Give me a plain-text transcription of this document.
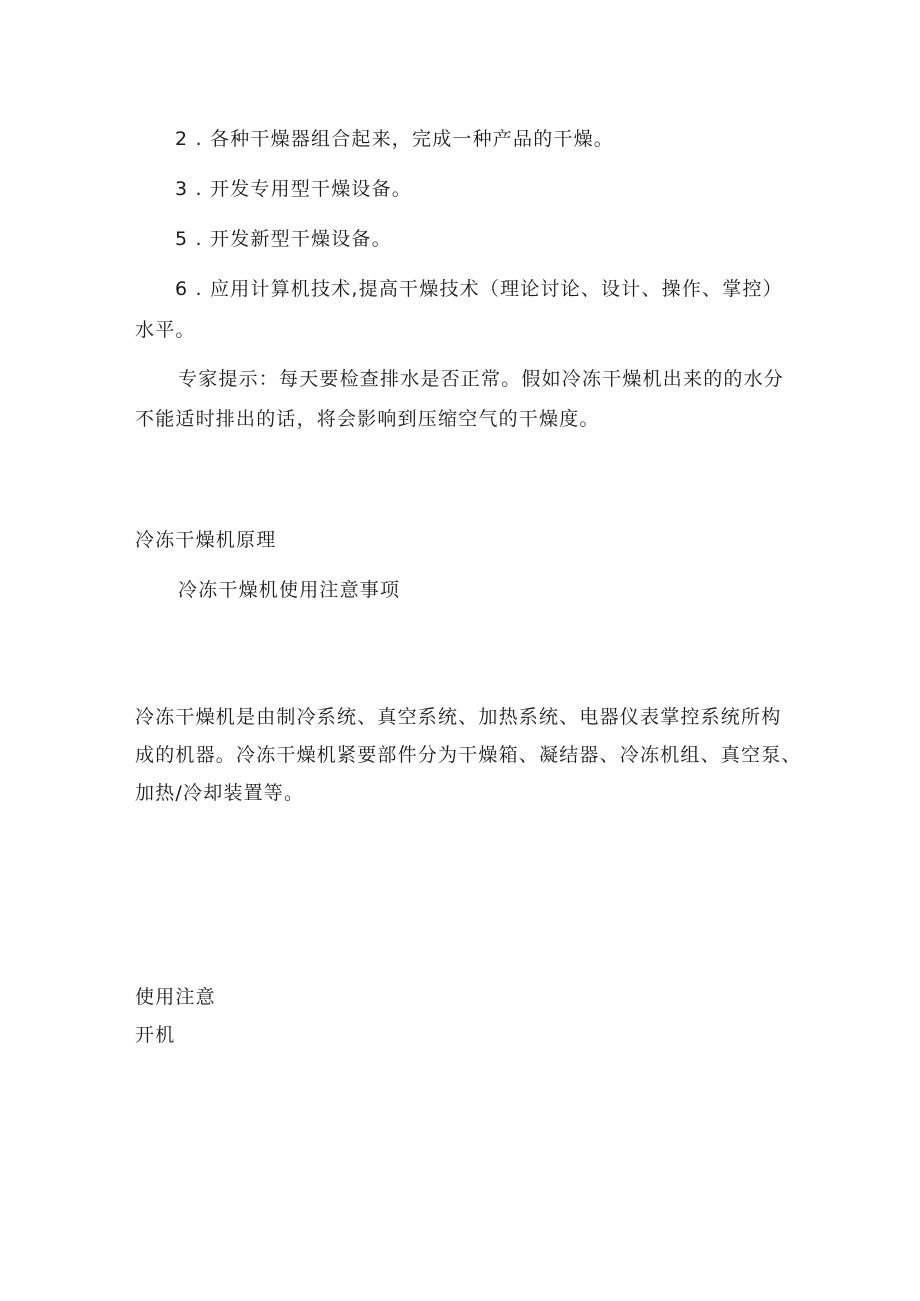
2 . 各种干燥器组合起来，完成一种产品的干燥。

3 . 开发专用型干燥设备。

5 . 开发新型干燥设备。

6 . 应用计算机技术,提高干燥技术（理论讨论、设计、操作、掌控）

水平。

专家提示：每天要检查排水是否正常。假如冷冻干燥机出来的的水分

不能适时排出的话，将会影响到压缩空气的干燥度。

冷冻干燥机原理

冷冻干燥机使用注意事项

冷冻干燥机是由制冷系统、真空系统、加热系统、电器仪表掌控系统所构

成的机器。冷冻干燥机紧要部件分为干燥箱、凝结器、冷冻机组、真空泵、

加热/冷却装置等。

使用注意

开机
